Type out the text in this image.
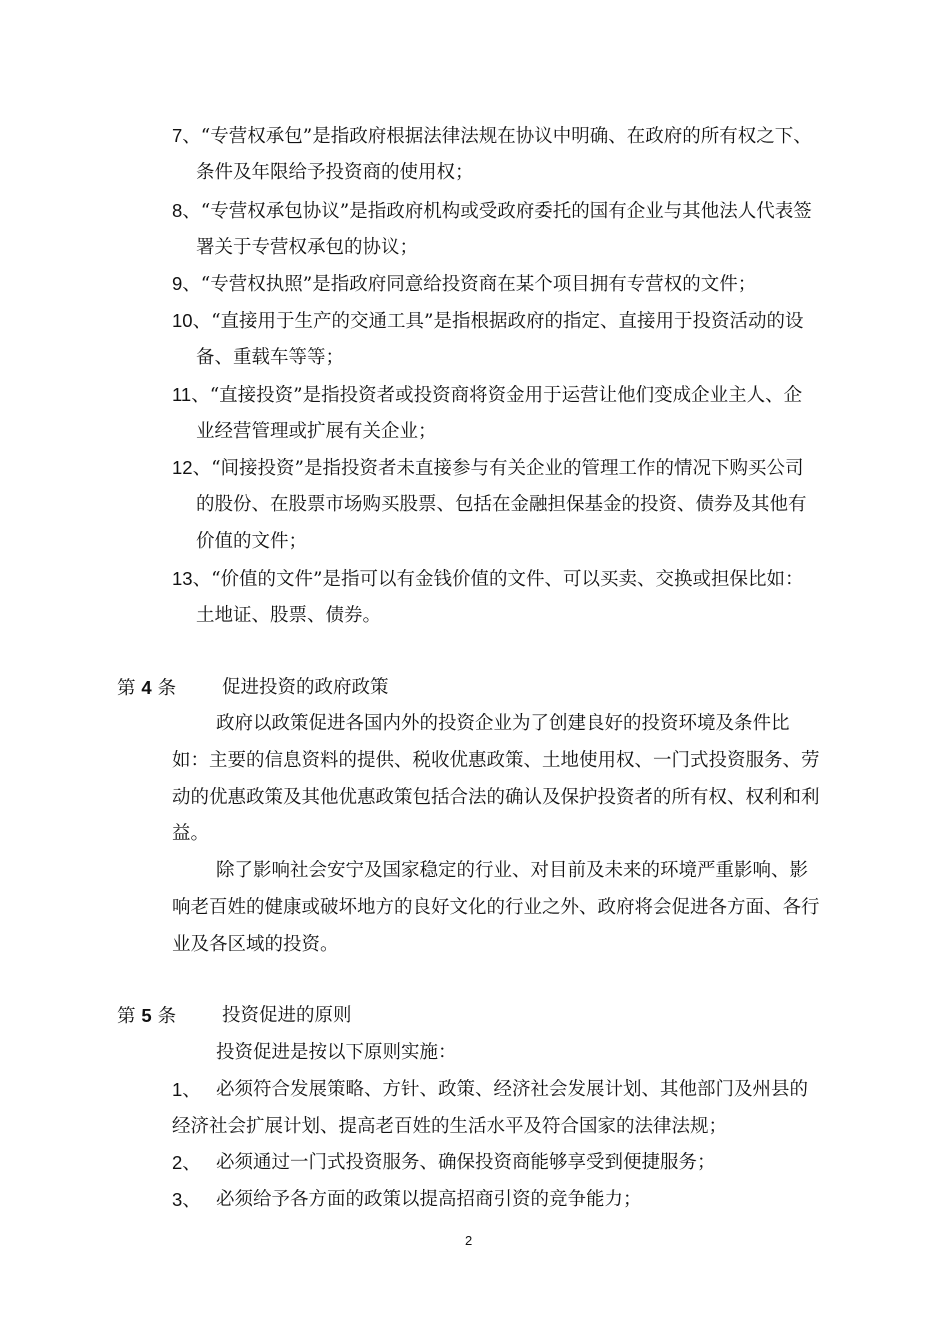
7、“专营权承包”是指政府根据法律法规在协议中明确、在政府的所有权之下、
条件及年限给予投资商的使用权；
8、“专营权承包协议”是指政府机构或受政府委托的国有企业与其他法人代表签
署关于专营权承包的协议；
9、“专营权执照”是指政府同意给投资商在某个项目拥有专营权的文件；
10、“直接用于生产的交通工具”是指根据政府的指定、直接用于投资活动的设
备、重载车等等；
11、“直接投资”是指投资者或投资商将资金用于运营让他们变成企业主人、企
业经营管理或扩展有关企业；
12、“间接投资”是指投资者未直接参与有关企业的管理工作的情况下购买公司
的股份、在股票市场购买股票、包括在金融担保基金的投资、债券及其他有
价值的文件；
13、“价值的文件”是指可以有金钱价值的文件、可以买卖、交换或担保比如：
土地证、股票、债券。
第 4 条 促进投资的政府政策
政府以政策促进各国内外的投资企业为了创建良好的投资环境及条件比
如：主要的信息资料的提供、税收优惠政策、土地使用权、一门式投资服务、劳
动的优惠政策及其他优惠政策包括合法的确认及保护投资者的所有权、权利和利
益。
除了影响社会安宁及国家稳定的行业、对目前及未来的环境严重影响、影
响老百姓的健康或破坏地方的良好文化的行业之外、政府将会促进各方面、各行
业及各区域的投资。
第 5 条 投资促进的原则
投资促进是按以下原则实施：
1、 必须符合发展策略、方针、政策、经济社会发展计划、其他部门及州县的
经济社会扩展计划、提高老百姓的生活水平及符合国家的法律法规；
2、 必须通过一门式投资服务、确保投资商能够享受到便捷服务；
3、 必须给予各方面的政策以提高招商引资的竞争能力；
2
